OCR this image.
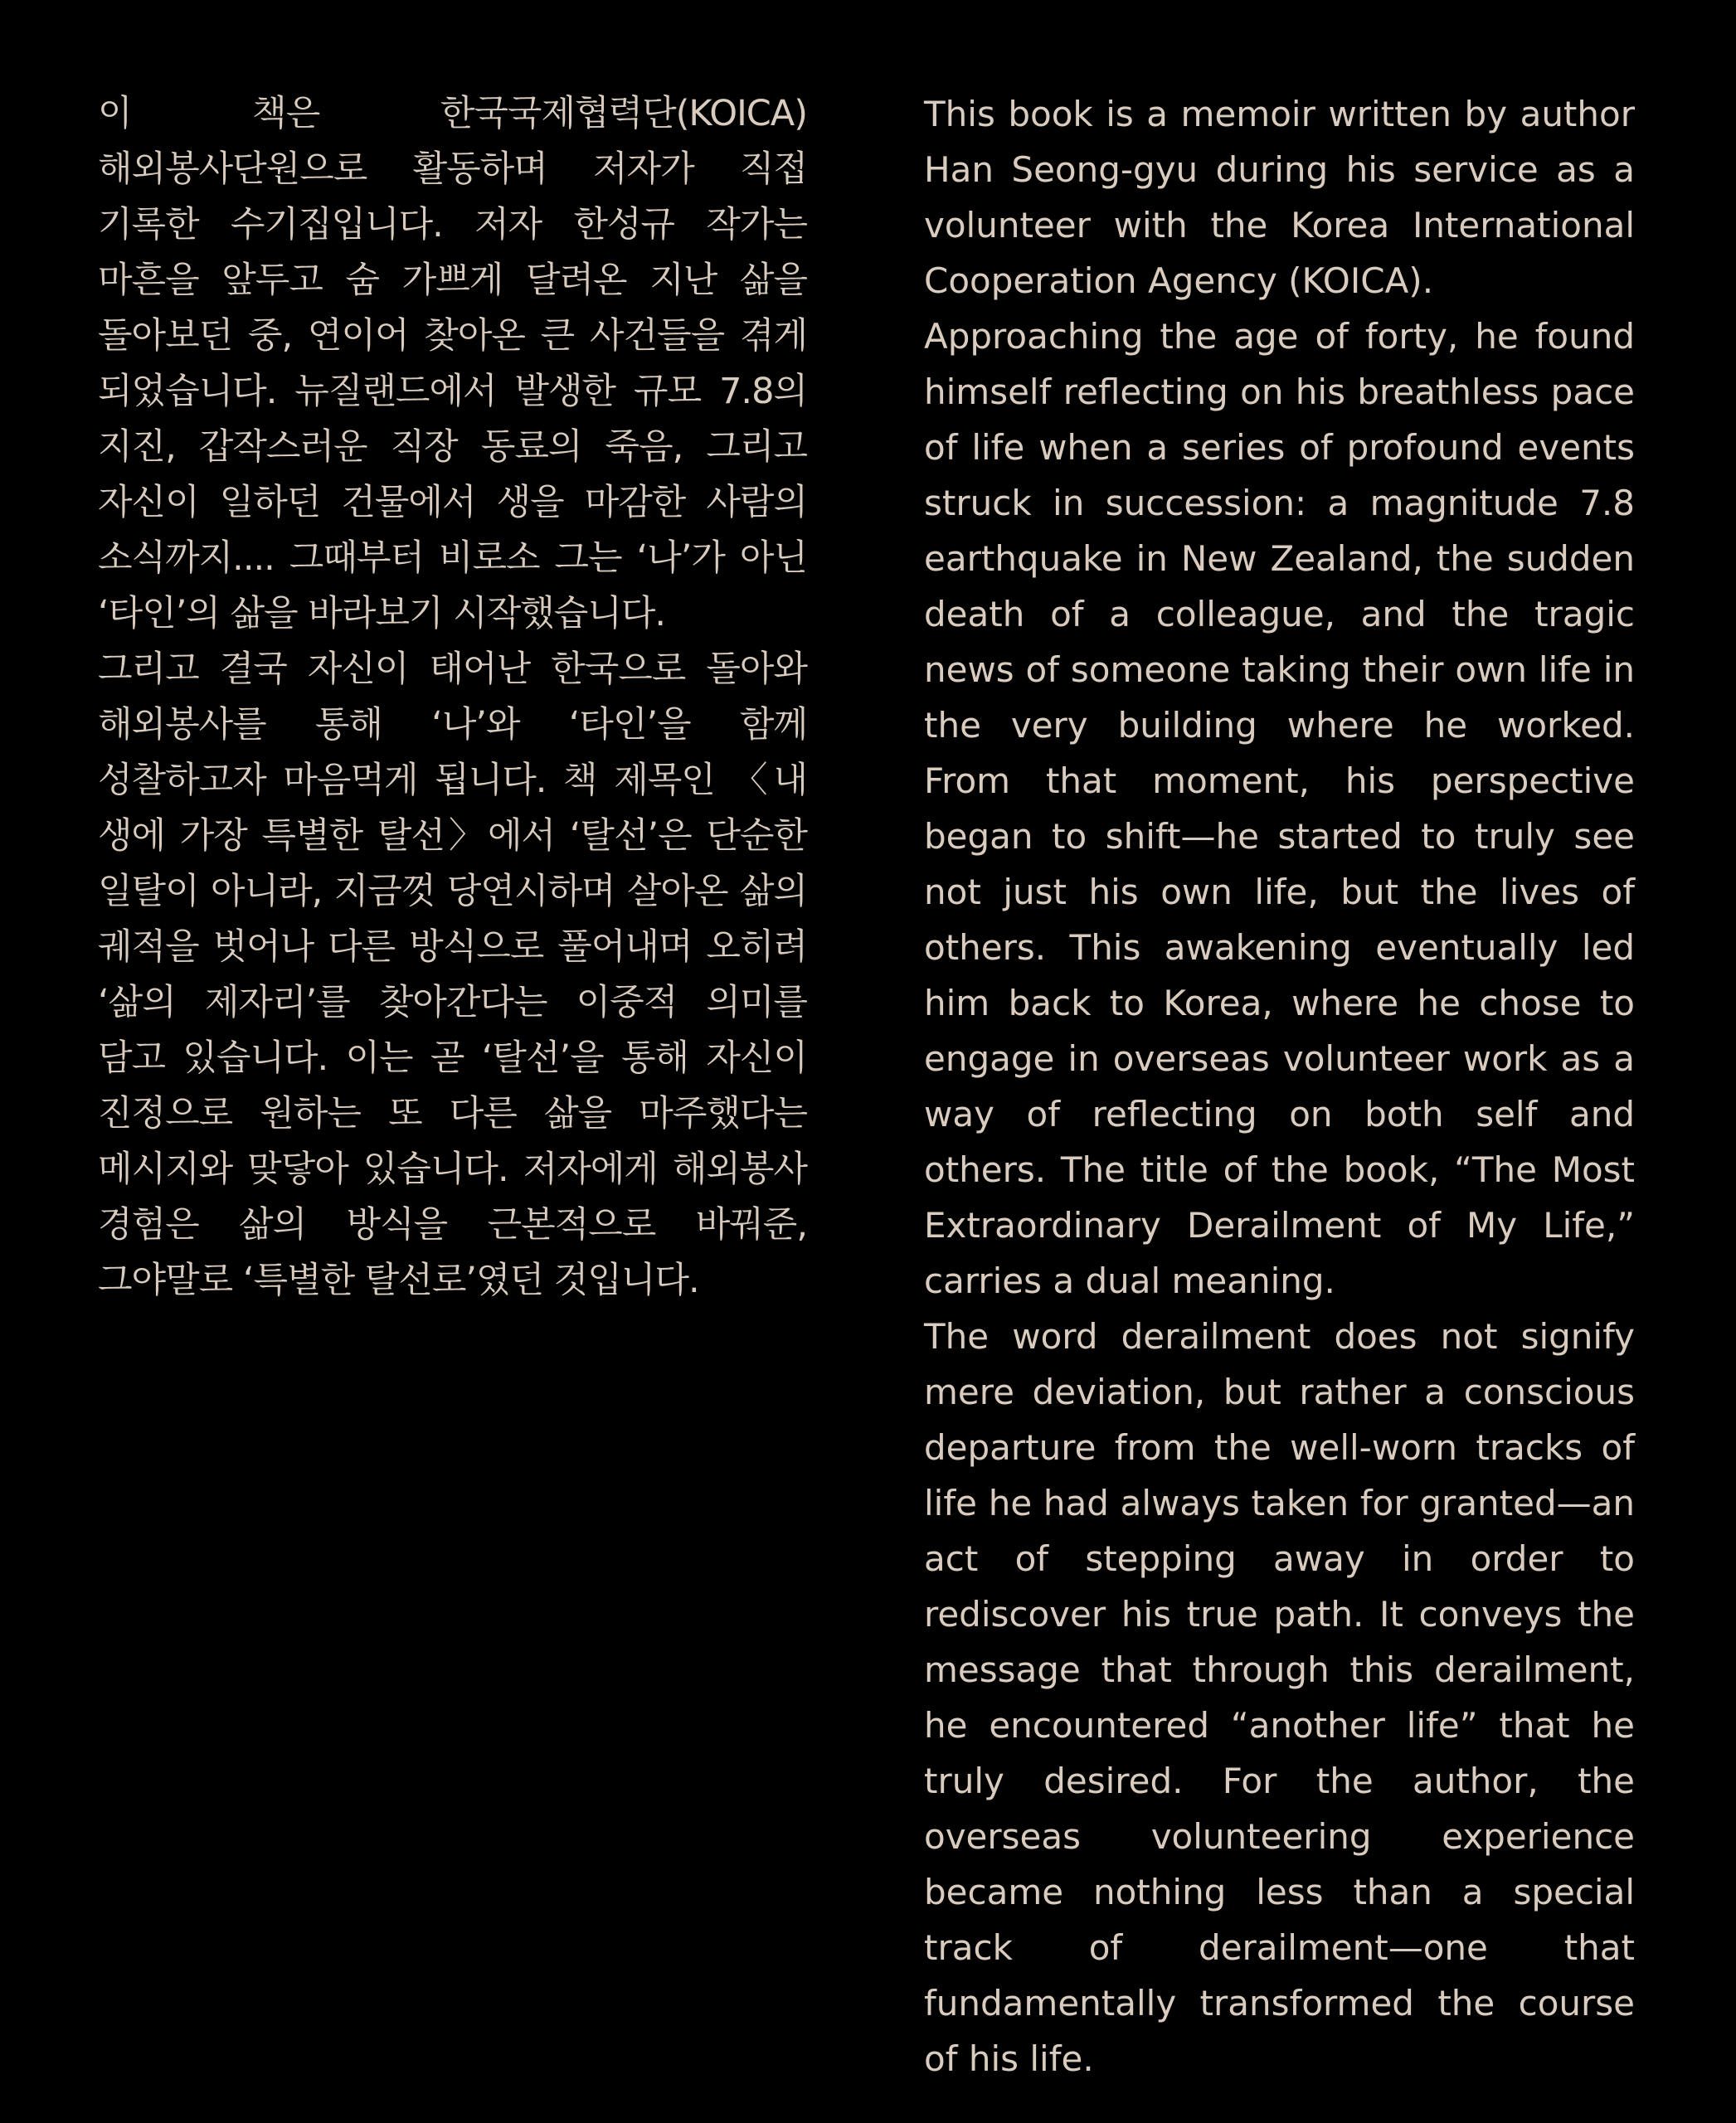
이 책은 한국국제협력단(KOICA) 해외봉사단원으로 활동하며 저자가 직접 기록한 수기집입니다. 저자 한성규 작가는 마흔을 앞두고 숨 가쁘게 달려온 지난 삶을 돌아보던 중, 연이어 찾아온 큰 사건들을 겪게 되었습니다. 뉴질랜드에서 발생한 규모 7.8의 지진, 갑작스러운 직장 동료의 죽음, 그리고 자신이 일하던 건물에서 생을 마감한 사람의 소식까지.... 그때부터 비로소 그는 ‘나’가 아닌 ‘타인’의 삶을 바라보기 시작했습니다.

그리고 결국 자신이 태어난 한국으로 돌아와 해외봉사를 통해 ‘나’와 ‘타인’을 함께 성찰하고자 마음먹게 됩니다. 책 제목인 〈내 생에 가장 특별한 탈선〉에서 ‘탈선’은 단순한 일탈이 아니라, 지금껏 당연시하며 살아온 삶의 궤적을 벗어나 다른 방식으로 풀어내며 오히려 ‘삶의 제자리’를 찾아간다는 이중적 의미를 담고 있습니다. 이는 곧 ‘탈선’을 통해 자신이 진정으로 원하는 또 다른 삶을 마주했다는 메시지와 맞닿아 있습니다. 저자에게 해외봉사 경험은 삶의 방식을 근본적으로 바꿔준, 그야말로 ‘특별한 탈선로’였던 것입니다.

This book is a memoir written by author Han Seong-gyu during his service as a volunteer with the Korea International Cooperation Agency (KOICA).

Approaching the age of forty, he found himself reflecting on his breathless pace of life when a series of profound events struck in succession: a magnitude 7.8 earthquake in New Zealand, the sudden death of a colleague, and the tragic news of someone taking their own life in the very building where he worked. From that moment, his perspective began to shift—he started to truly see not just his own life, but the lives of others. This awakening eventually led him back to Korea, where he chose to engage in overseas volunteer work as a way of reflecting on both self and others. The title of the book, “The Most Extraordinary Derailment of My Life,” carries a dual meaning.

The word derailment does not signify mere deviation, but rather a conscious departure from the well-worn tracks of life he had always taken for granted—an act of stepping away in order to rediscover his true path. It conveys the message that through this derailment, he encountered “another life” that he truly desired. For the author, the overseas volunteering experience became nothing less than a special track of derailment—one that fundamentally transformed the course of his life.
